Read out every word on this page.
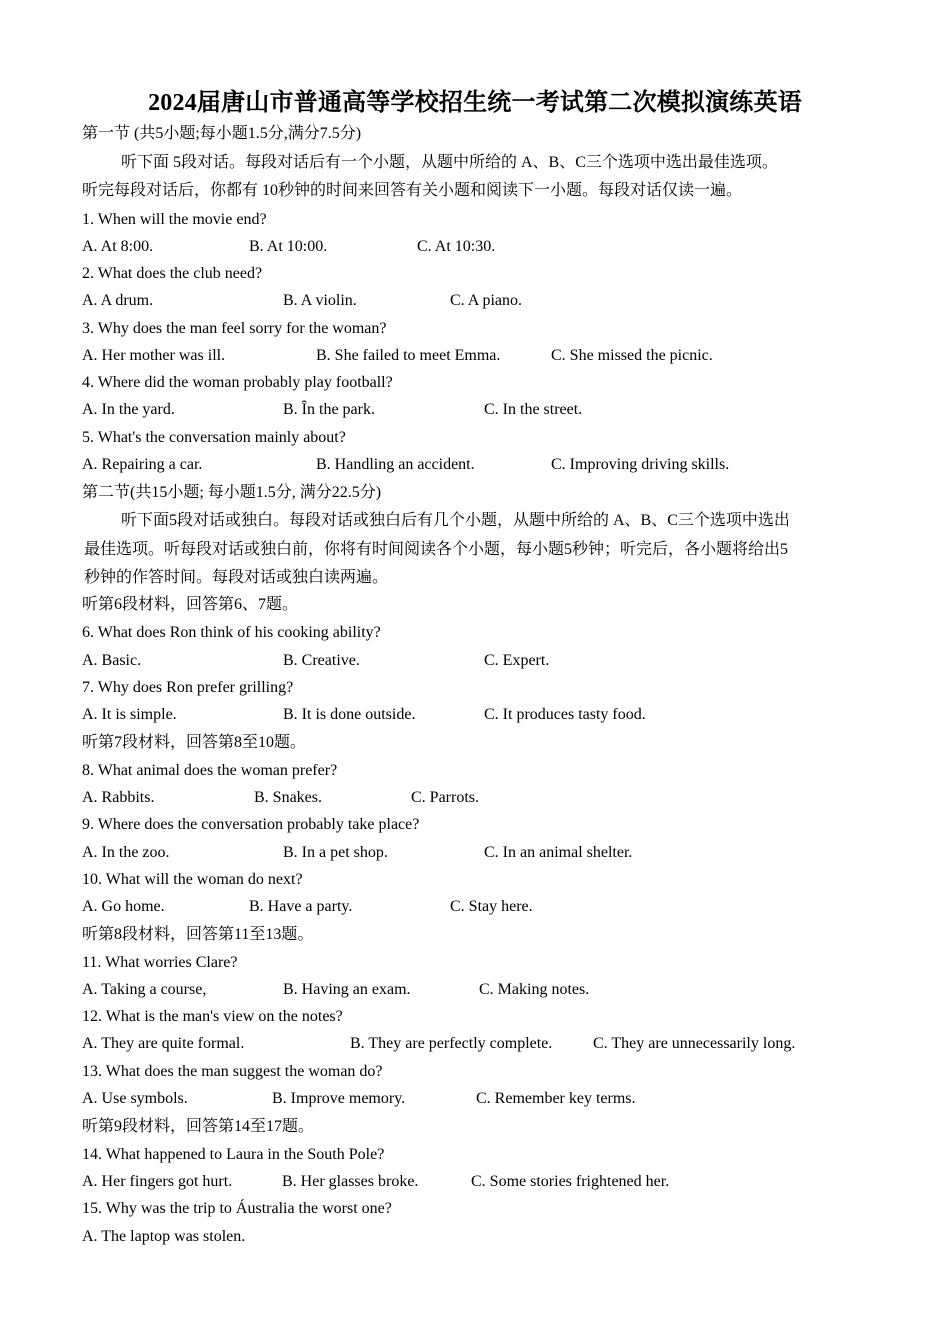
2024届唐山市普通高等学校招生统一考试第二次模拟演练英语
第一节 (共5小题;每小题1.5分,满分7.5分)
听下面 5段对话。每段对话后有一个小题，从题中所给的 A、B、C三个选项中选出最佳选项。
听完每段对话后，你都有 10秒钟的时间来回答有关小题和阅读下一小题。每段对话仅读一遍。
1. When will the movie end?
A. At 8:00.	B. At 10:00.	C. At 10:30.
2. What does the club need?
A. A drum.	B. A violin.	C. A piano.
3. Why does the man feel sorry for the woman?
A. Her mother was ill.	B. She failed to meet Emma.	C. She missed the picnic.
4. Where did the woman probably play football?
A. In the yard.	B. Ȋn the park.	C. In the street.
5. What's the conversation mainly about?
A. Repairing a car.	B. Handling an accident.	C. Improving driving skills.
第二节(共15小题; 每小题1.5分, 满分22.5分)
听下面5段对话或独白。每段对话或独白后有几个小题，从题中所给的 A、B、C三个选项中选出
最佳选项。听每段对话或独白前，你将有时间阅读各个小题，每小题5秒钟；听完后，各小题将给出5
秒钟的作答时间。每段对话或独白读两遍。
听第6段材料，回答第6、7题。
6. What does Ron think of his cooking ability?
A. Basic.	B. Creative.	C. Expert.
7. Why does Ron prefer grilling?
A. It is simple.	B. It is done outside.	C. It produces tasty food.
听第7段材料，回答第8至10题。
8. What animal does the woman prefer?
A. Rabbits.	B. Snakes.	C. Parrots.
9. Where does the conversation probably take place?
A. In the zoo.	B. In a pet shop.	C. In an animal shelter.
10. What will the woman do next?
A. Go home.	B. Have a party.	C. Stay here.
听第8段材料，回答第11至13题。
11. What worries Clare?
A. Taking a course,	B. Having an exam.	C. Making notes.
12. What is the man's view on the notes?
A. They are quite formal.	B. They are perfectly complete.	C. They are unnecessarily long.
13. What does the man suggest the woman do?
A. Use symbols.	B. Improve memory.	C. Remember key terms.
听第9段材料，回答第14至17题。
14. What happened to Laura in the South Pole?
A. Her fingers got hurt.	B. Her glasses broke.	C. Some stories frightened her.
15. Why was the trip to Áustralia the worst one?
A. The laptop was stolen.
